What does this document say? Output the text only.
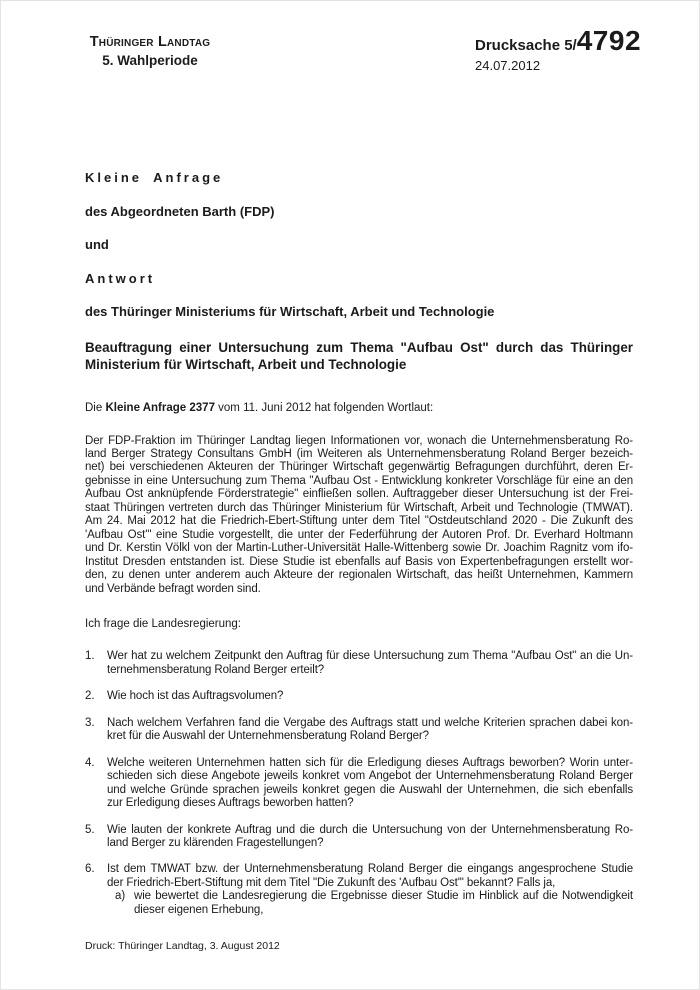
Thüringer Landtag
5. Wahlperiode
Drucksache 5/ 4792
24.07.2012
Kleine Anfrage
des Abgeordneten Barth (FDP)
und
Antwort
des Thüringer Ministeriums für Wirtschaft, Arbeit und Technologie
Beauftragung einer Untersuchung zum Thema "Aufbau Ost" durch das Thüringer
Ministerium für Wirtschaft, Arbeit und Technologie
Die Kleine Anfrage 2377 vom 11. Juni 2012 hat folgenden Wortlaut:
Der FDP-Fraktion im Thüringer Landtag liegen Informationen vor, wonach die Unternehmensberatung Ro-
land Berger Strategy Consultans GmbH (im Weiteren als Unternehmensberatung Roland Berger bezeich-
net) bei verschiedenen Akteuren der Thüringer Wirtschaft gegenwärtig Befragungen durchführt, deren Er-
gebnisse in eine Untersuchung zum Thema "Aufbau Ost - Entwicklung konkreter Vorschläge für eine an den
Aufbau Ost anknüpfende Förderstrategie" einfließen sollen. Auftraggeber dieser Untersuchung ist der Frei-
staat Thüringen vertreten durch das Thüringer Ministerium für Wirtschaft, Arbeit und Technologie (TMWAT).
Am 24. Mai 2012 hat die Friedrich-Ebert-Stiftung unter dem Titel "Ostdeutschland 2020 - Die Zukunft des
'Aufbau Ost'" eine Studie vorgestellt, die unter der Federführung der Autoren Prof. Dr. Everhard Holtmann
und Dr. Kerstin Völkl von der Martin-Luther-Universität Halle-Wittenberg sowie Dr. Joachim Ragnitz vom ifo-
Institut Dresden entstanden ist. Diese Studie ist ebenfalls auf Basis von Expertenbefragungen erstellt wor-
den, zu denen unter anderem auch Akteure der regionalen Wirtschaft, das heißt Unternehmen, Kammern
und Verbände befragt worden sind.
Ich frage die Landesregierung:
1.	Wer hat zu welchem Zeitpunkt den Auftrag für diese Untersuchung zum Thema "Aufbau Ost" an die Un-
ternehmensberatung Roland Berger erteilt?
2.	Wie hoch ist das Auftragsvolumen?
3.	Nach welchem Verfahren fand die Vergabe des Auftrags statt und welche Kriterien sprachen dabei kon-
kret für die Auswahl der Unternehmensberatung Roland Berger?
4.	Welche weiteren Unternehmen hatten sich für die Erledigung dieses Auftrags beworben? Worin unter-
schieden sich diese Angebote jeweils konkret vom Angebot der Unternehmensberatung Roland Berger
und welche Gründe sprachen jeweils konkret gegen die Auswahl der Unternehmen, die sich ebenfalls
zur Erledigung dieses Auftrags beworben hatten?
5.	Wie lauten der konkrete Auftrag und die durch die Untersuchung von der Unternehmensberatung Ro-
land Berger zu klärenden Fragestellungen?
6.	Ist dem TMWAT bzw. der Unternehmensberatung Roland Berger die eingangs angesprochene Studie
der Friedrich-Ebert-Stiftung mit dem Titel "Die Zukunft des 'Aufbau Ost'" bekannt? Falls ja,
a) wie bewertet die Landesregierung die Ergebnisse dieser Studie im Hinblick auf die Notwendigkeit
dieser eigenen Erhebung,
Druck: Thüringer Landtag, 3. August 2012
